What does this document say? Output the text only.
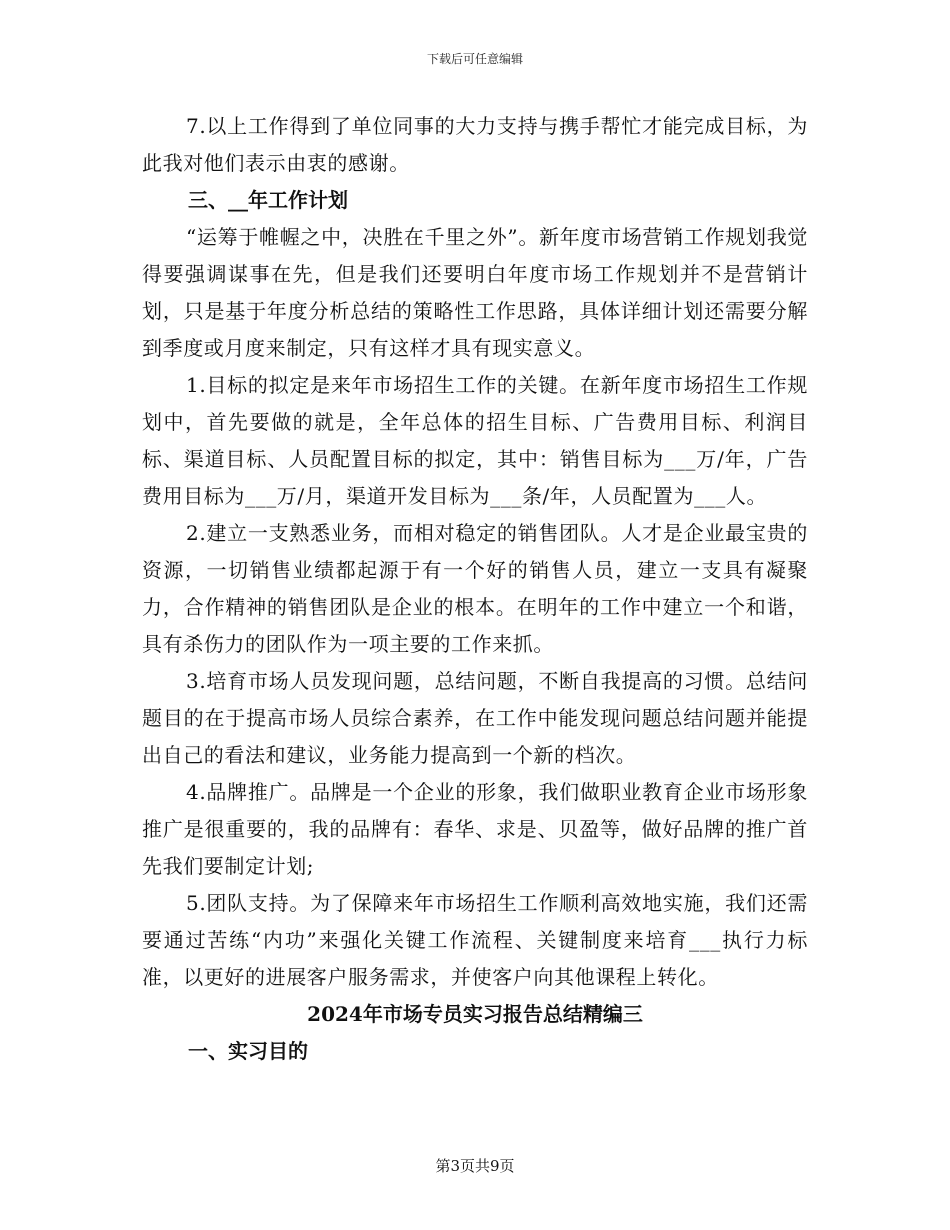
下载后可任意编辑

7.以上工作得到了单位同事的大力支持与携手帮忙才能完成目标，为此我对他们表示由衷的感谢。

三、__年工作计划

“运筹于帷幄之中，决胜在千里之外”。新年度市场营销工作规划我觉得要强调谋事在先，但是我们还要明白年度市场工作规划并不是营销计划，只是基于年度分析总结的策略性工作思路，具体详细计划还需要分解到季度或月度来制定，只有这样才具有现实意义。

1.目标的拟定是来年市场招生工作的关键。在新年度市场招生工作规划中，首先要做的就是，全年总体的招生目标、广告费用目标、利润目标、渠道目标、人员配置目标的拟定，其中：销售目标为___万/年，广告费用目标为___万/月，渠道开发目标为___条/年，人员配置为___人。

2.建立一支熟悉业务，而相对稳定的销售团队。人才是企业最宝贵的资源，一切销售业绩都起源于有一个好的销售人员，建立一支具有凝聚力，合作精神的销售团队是企业的根本。在明年的工作中建立一个和谐，具有杀伤力的团队作为一项主要的工作来抓。

3.培育市场人员发现问题，总结问题，不断自我提高的习惯。总结问题目的在于提高市场人员综合素养，在工作中能发现问题总结问题并能提出自己的看法和建议，业务能力提高到一个新的档次。

4.品牌推广。品牌是一个企业的形象，我们做职业教育企业市场形象推广是很重要的，我的品牌有：春华、求是、贝盈等，做好品牌的推广首先我们要制定计划;

5.团队支持。为了保障来年市场招生工作顺利高效地实施，我们还需要通过苦练“内功”来强化关键工作流程、关键制度来培育___执行力标准，以更好的进展客户服务需求，并使客户向其他课程上转化。

2024年市场专员实习报告总结精编三

一、实习目的

第3页共9页
